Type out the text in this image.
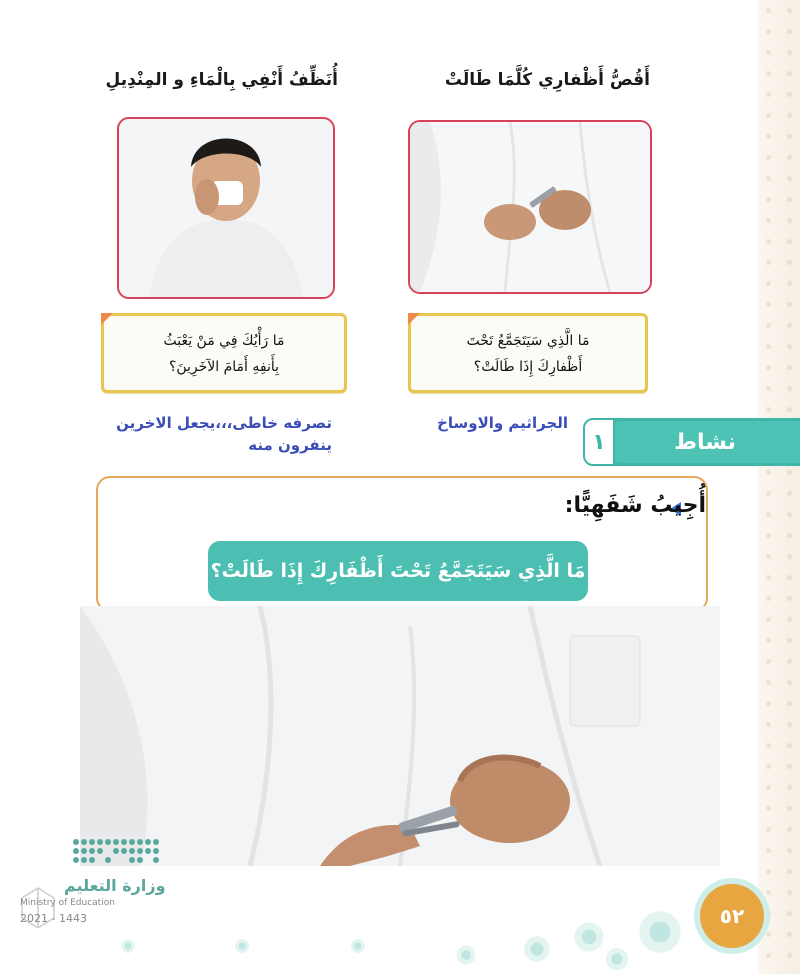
أَقُصُّ أَظْفارِي كُلَّمَا طَالَتْ
مَا الَّذِي سَيَتَجَمَّعُ تَحْتَ
أَظْفارِكَ إِذَا طَالَتْ؟
الجراثيم والاوساخ
أُنَظِّفُ أَنْفِي بِالْمَاءِ و المِنْدِيلِ
مَا رَأْيُكَ فِي مَنْ يَعْبَثُ
بِأَنفِهِ أَمَامَ الآخَرِينَ؟
تصرفه خاطى،،،يجعل الاخرين
ينفرون منه	نشاط
١
أُجِيبُ شَفَهِيًّا:
مَا الَّذِي سَيَتَجَمَّعُ تَحْتَ أَظْفَارِكَ إِذَا طَالَتْ؟
وزارة التعليم
Ministry of Education
2021 - 1443	٥٢
